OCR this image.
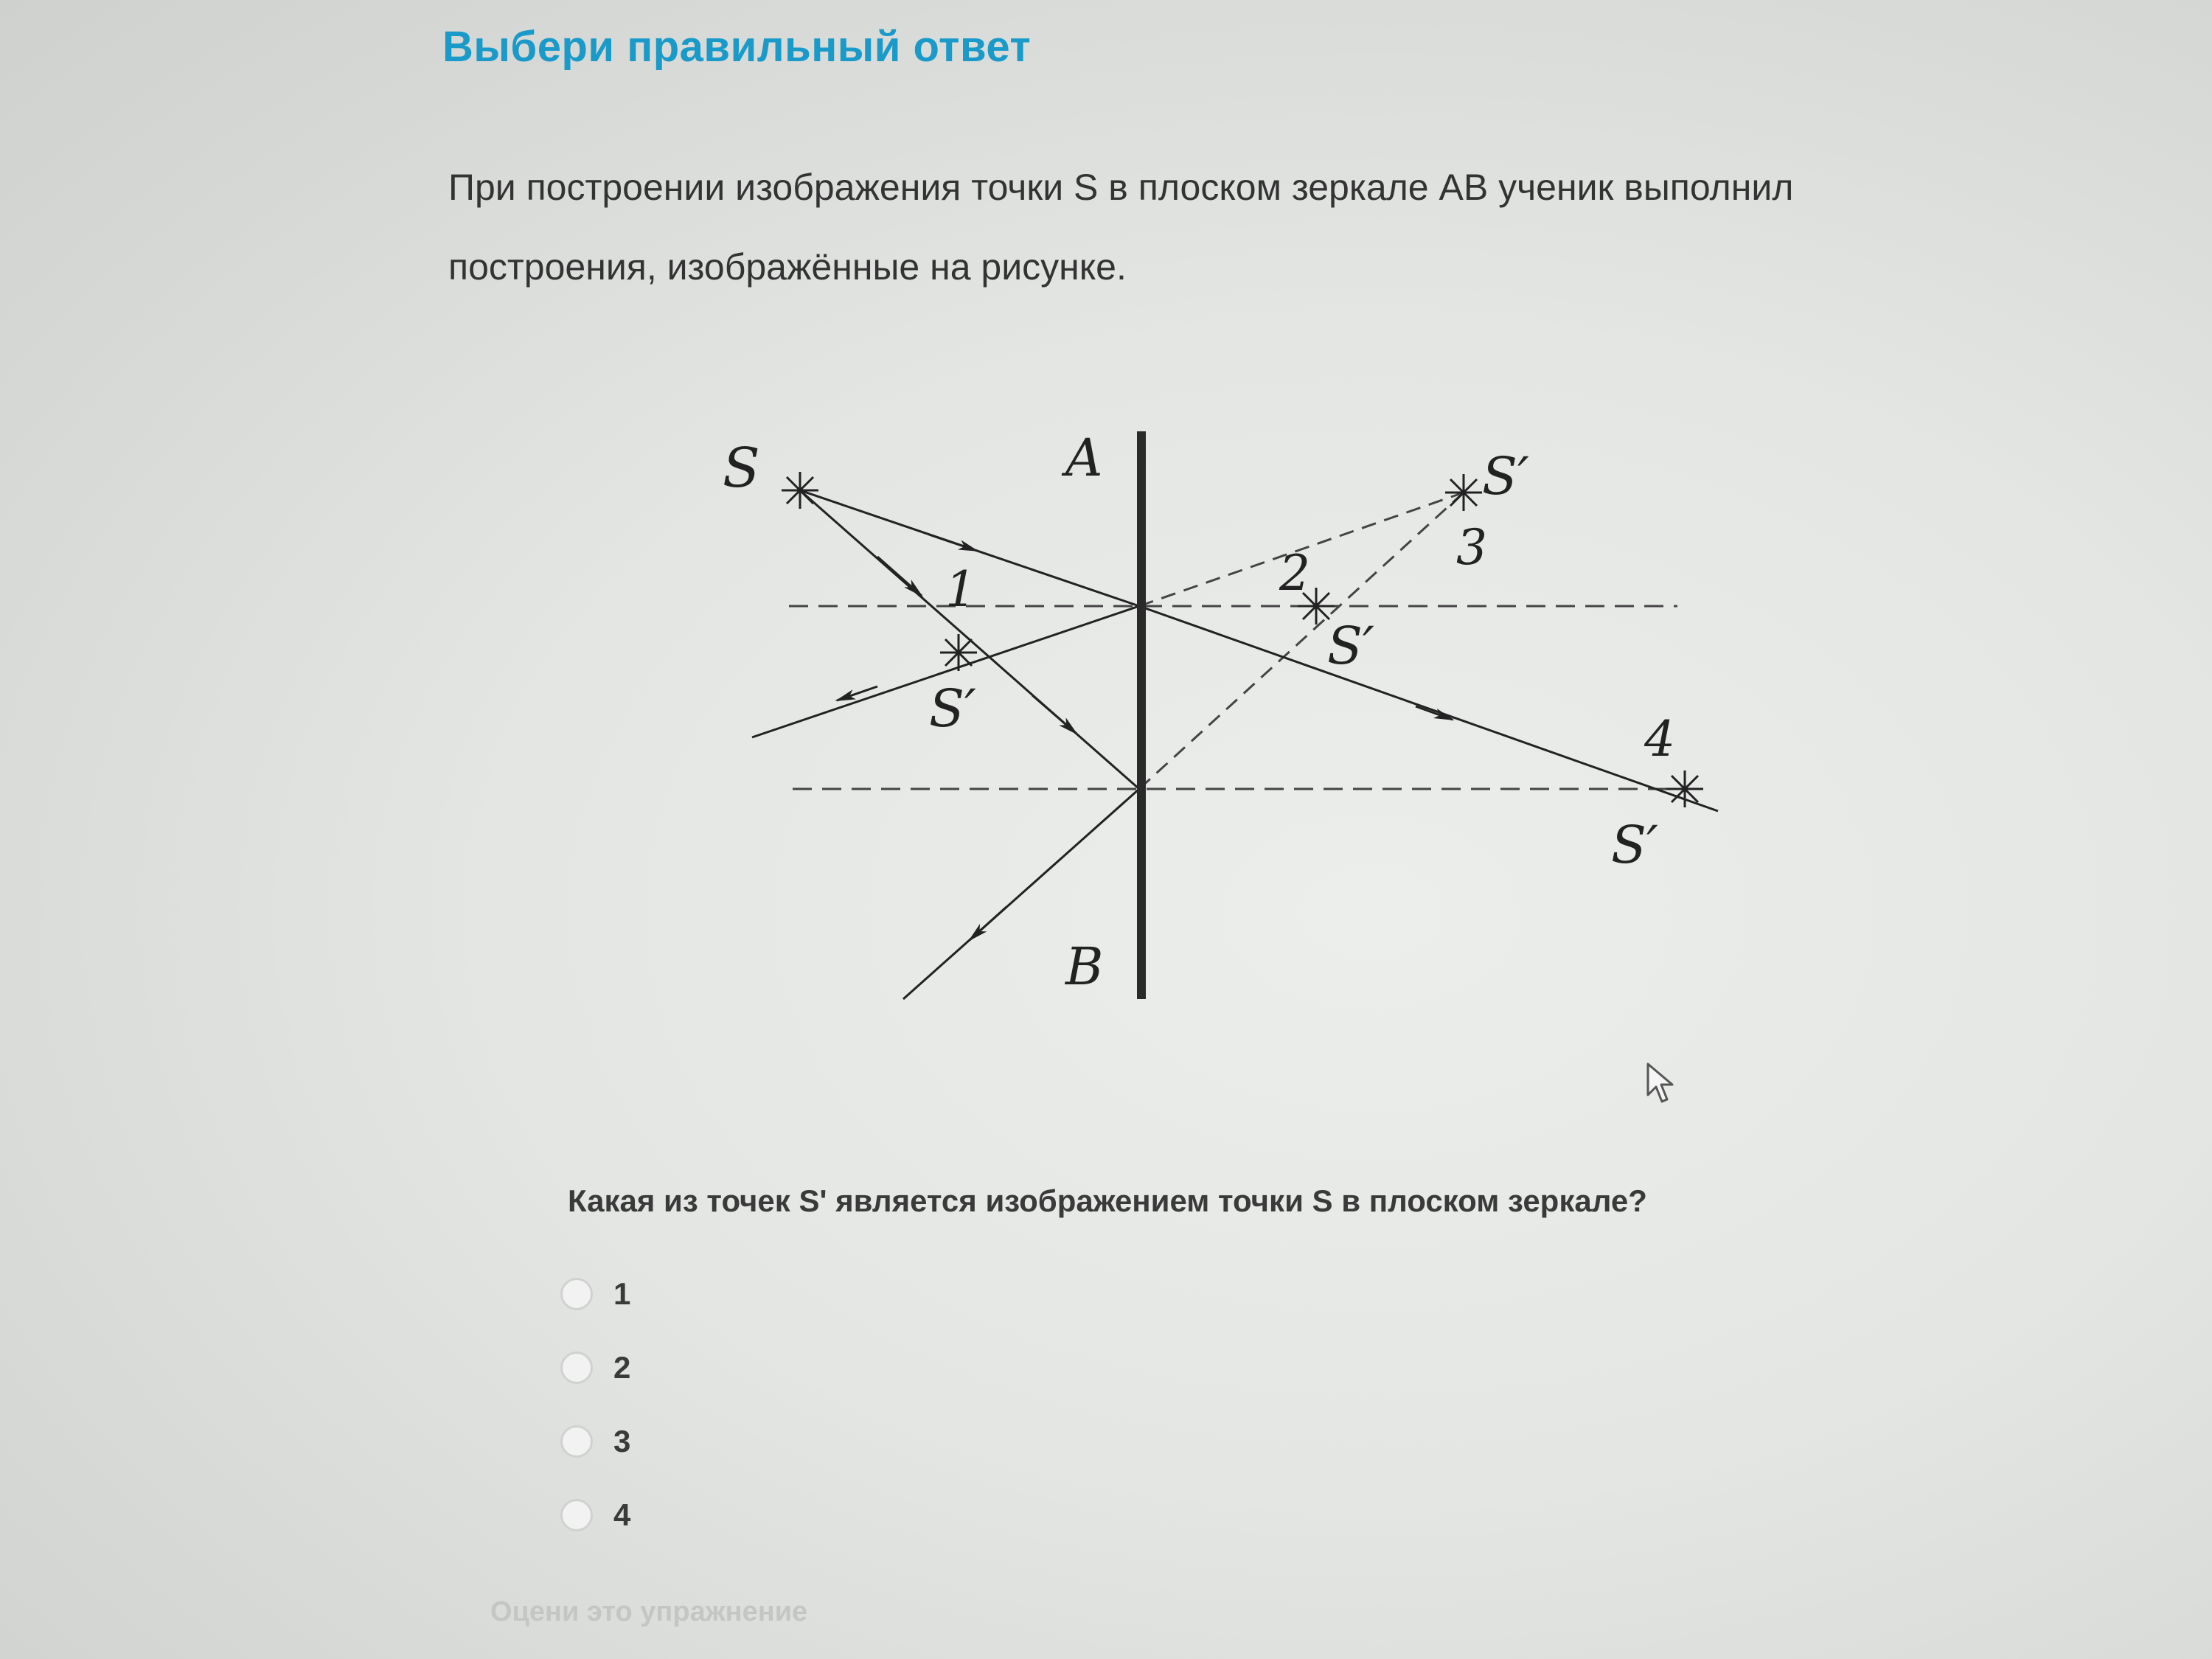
Выбери правильный ответ
При построении изображения точки S в плоском зеркале AB ученик выполнил построения, изображённые на рисунке.
S	A
B
1
S′
2
S′
S′
3
4
S′
Какая из точек S' является изображением точки S в плоском зеркале?
1
2
3
4
Оцени это упражнение
